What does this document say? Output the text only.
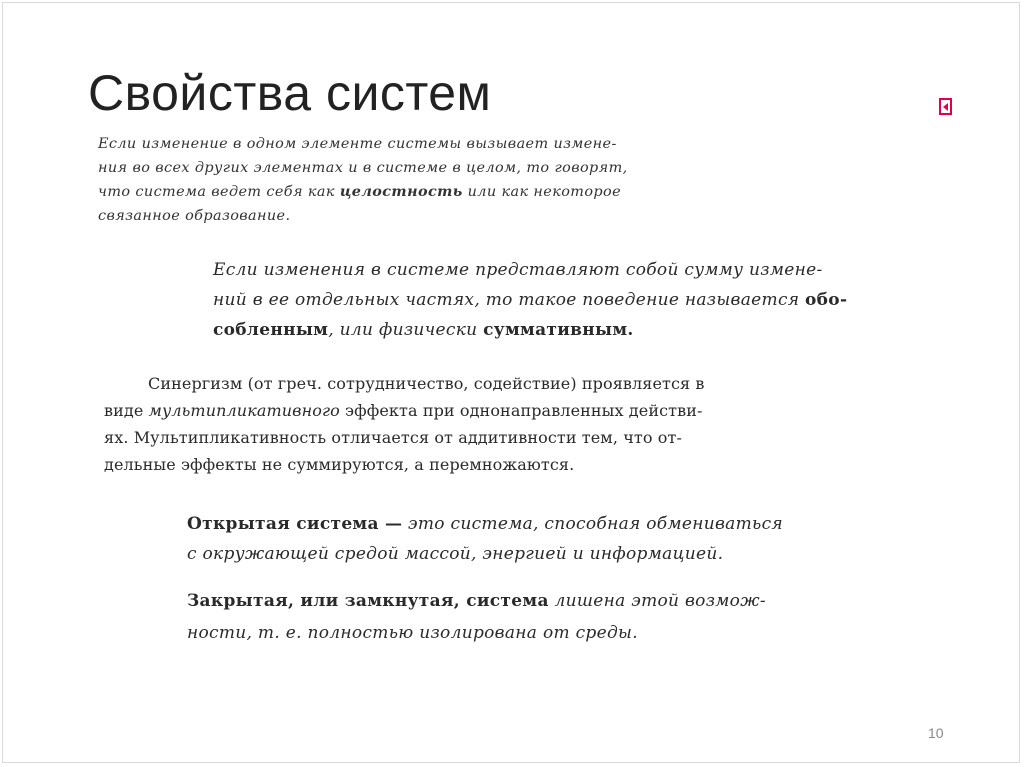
Свойства систем

Если изменение в одном элементе системы вызывает измене-
ния во всех других элементах и в системе в целом, то говорят,
что система ведет себя как целостность или как некоторое
связанное образование.

Если изменения в системе представляют собой сумму измене-
ний в ее отдельных частях, то такое поведение называется обо-
собленным, или физически суммативным.

Синергизм (от греч. сотрудничество, содействие) проявляется в
виде мультипликативного эффекта при однонаправленных действи-
ях. Мультипликативность отличается от аддитивности тем, что от-
дельные эффекты не суммируются, а перемножаются.

Открытая система — это система, способная обмениваться
с окружающей средой массой, энергией и информацией.

Закрытая, или замкнутая, система лишена этой возмож-
ности, т. е. полностью изолирована от среды.

10
